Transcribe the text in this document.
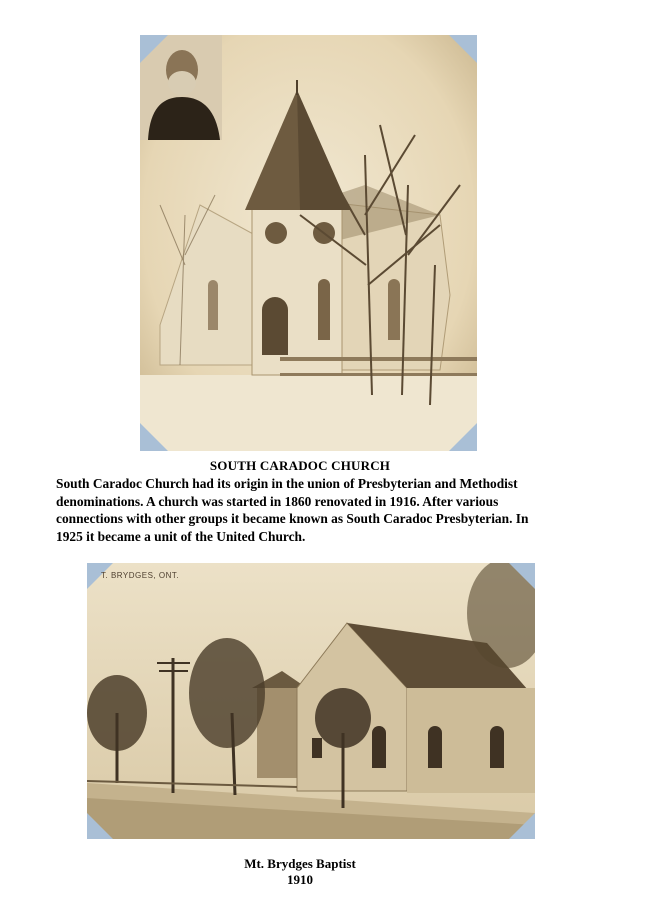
SOUTH CARADOC CHURCH
South Caradoc Church had its origin in the union of Presbyterian and Methodist
denominations. A church was started in 1860 renovated in 1916. After various
connections with other groups it became known as South Caradoc Presbyterian. In
1925 it became a unit of the United Church.
T. BRYDGES, ONT.
Mt. Brydges Baptist
1910
